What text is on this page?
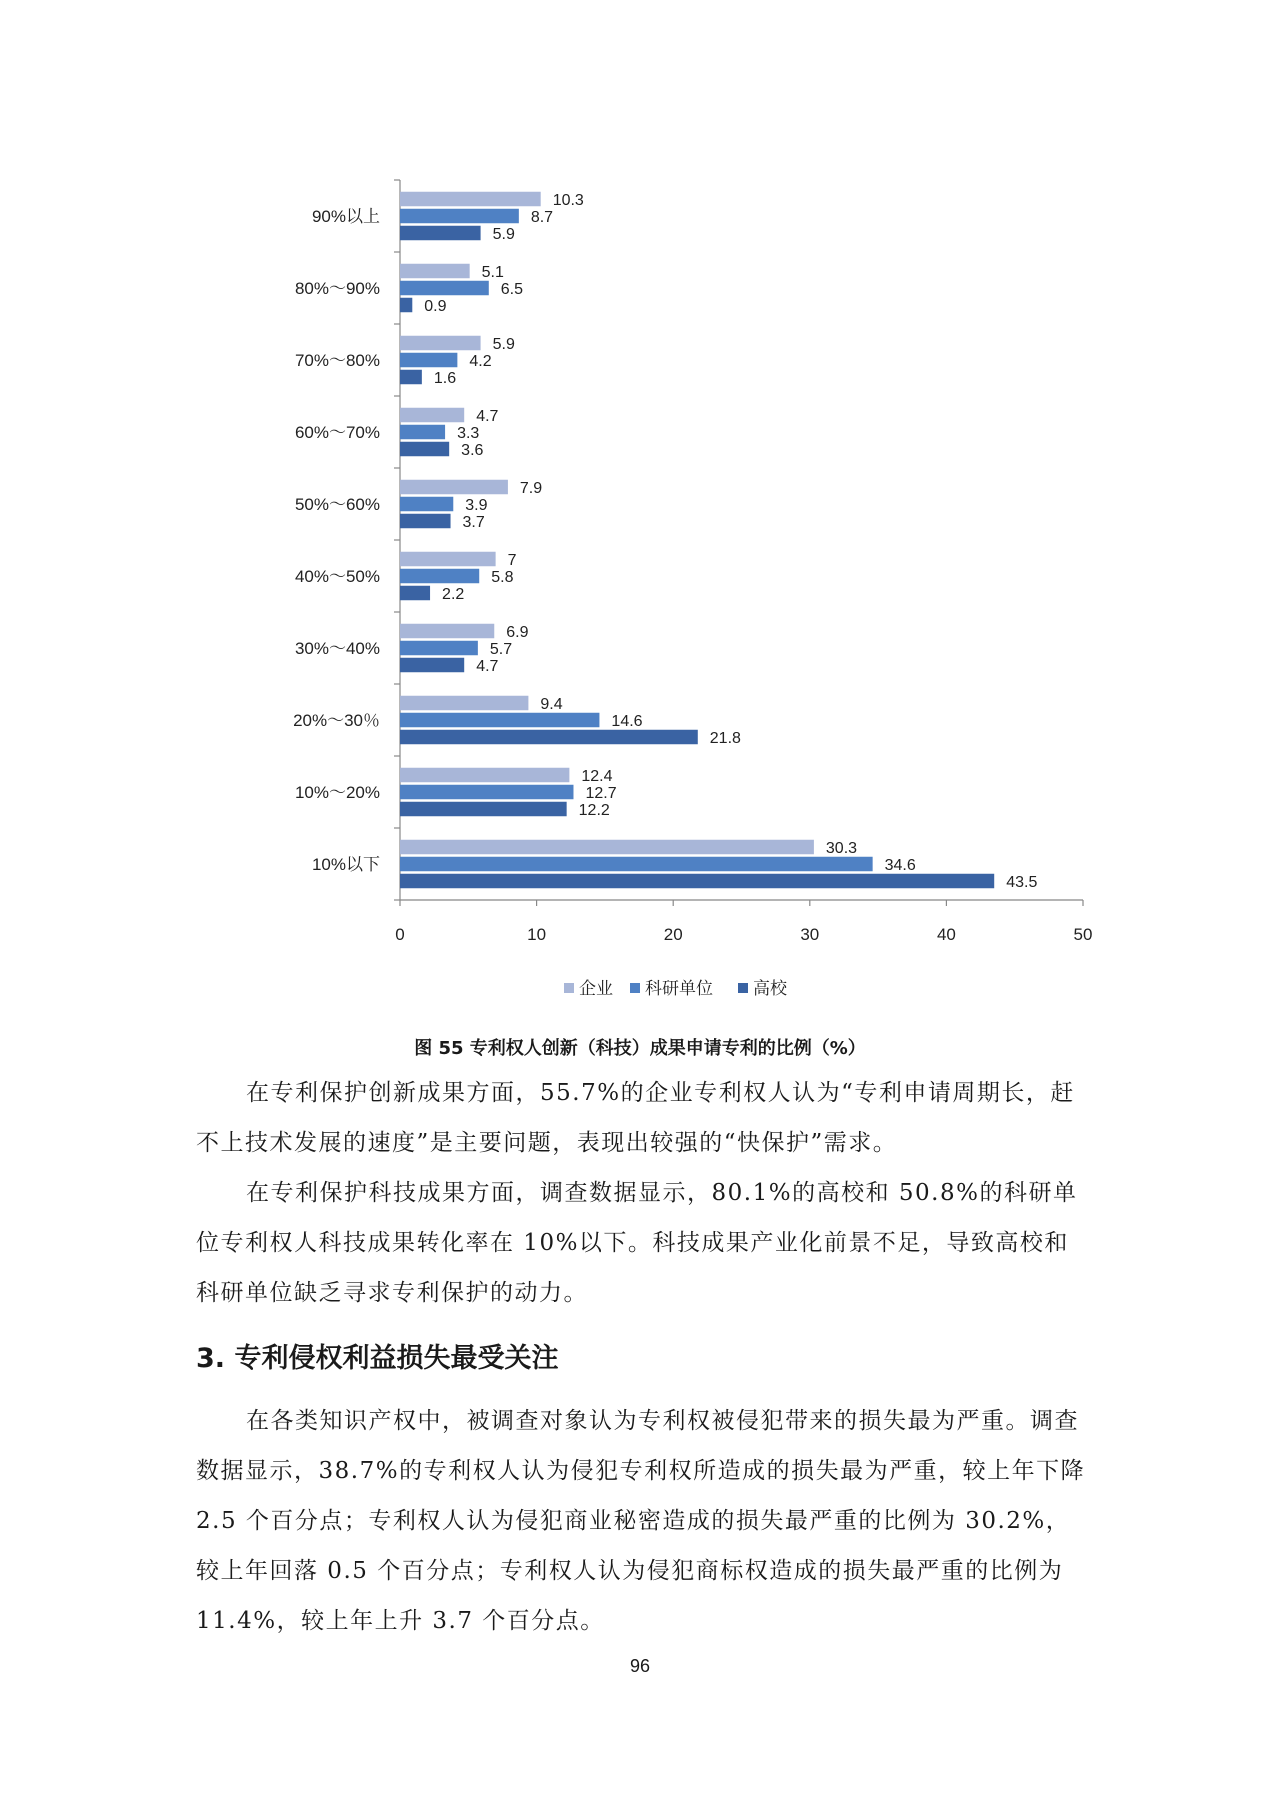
10.3
8.7
5.9
5.1
6.5
0.9
5.9
4.2
1.6
4.7
3.3
3.6
7.9
3.9
3.7
7
5.8
2.2
6.9
5.7
4.7
9.4
14.6
21.8
12.4
12.7
12.2
30.3
34.6
43.5
90%以上
80%～90%
70%～80%
60%～70%
50%～60%
40%～50%
30%～40%
20%～30％
10%～20%
10%以下
0	10	20	30	40	50
企业 科研单位 高校
图 55 专利权人创新（科技）成果申请专利的比例（%）

在专利保护创新成果方面，55.7%的企业专利权人认为“专利申请周期长，赶不上技术发展的速度”是主要问题，表现出较强的“快保护”需求。

在专利保护科技成果方面，调查数据显示，80.1%的高校和 50.8%的科研单位专利权人科技成果转化率在 10%以下。科技成果产业化前景不足，导致高校和科研单位缺乏寻求专利保护的动力。

3. 专利侵权利益损失最受关注

在各类知识产权中，被调查对象认为专利权被侵犯带来的损失最为严重。调查数据显示，38.7%的专利权人认为侵犯专利权所造成的损失最为严重，较上年下降 2.5 个百分点；专利权人认为侵犯商业秘密造成的损失最严重的比例为 30.2%，较上年回落 0.5 个百分点；专利权人认为侵犯商标权造成的损失最严重的比例为 11.4%，较上年上升 3.7 个百分点。

96
